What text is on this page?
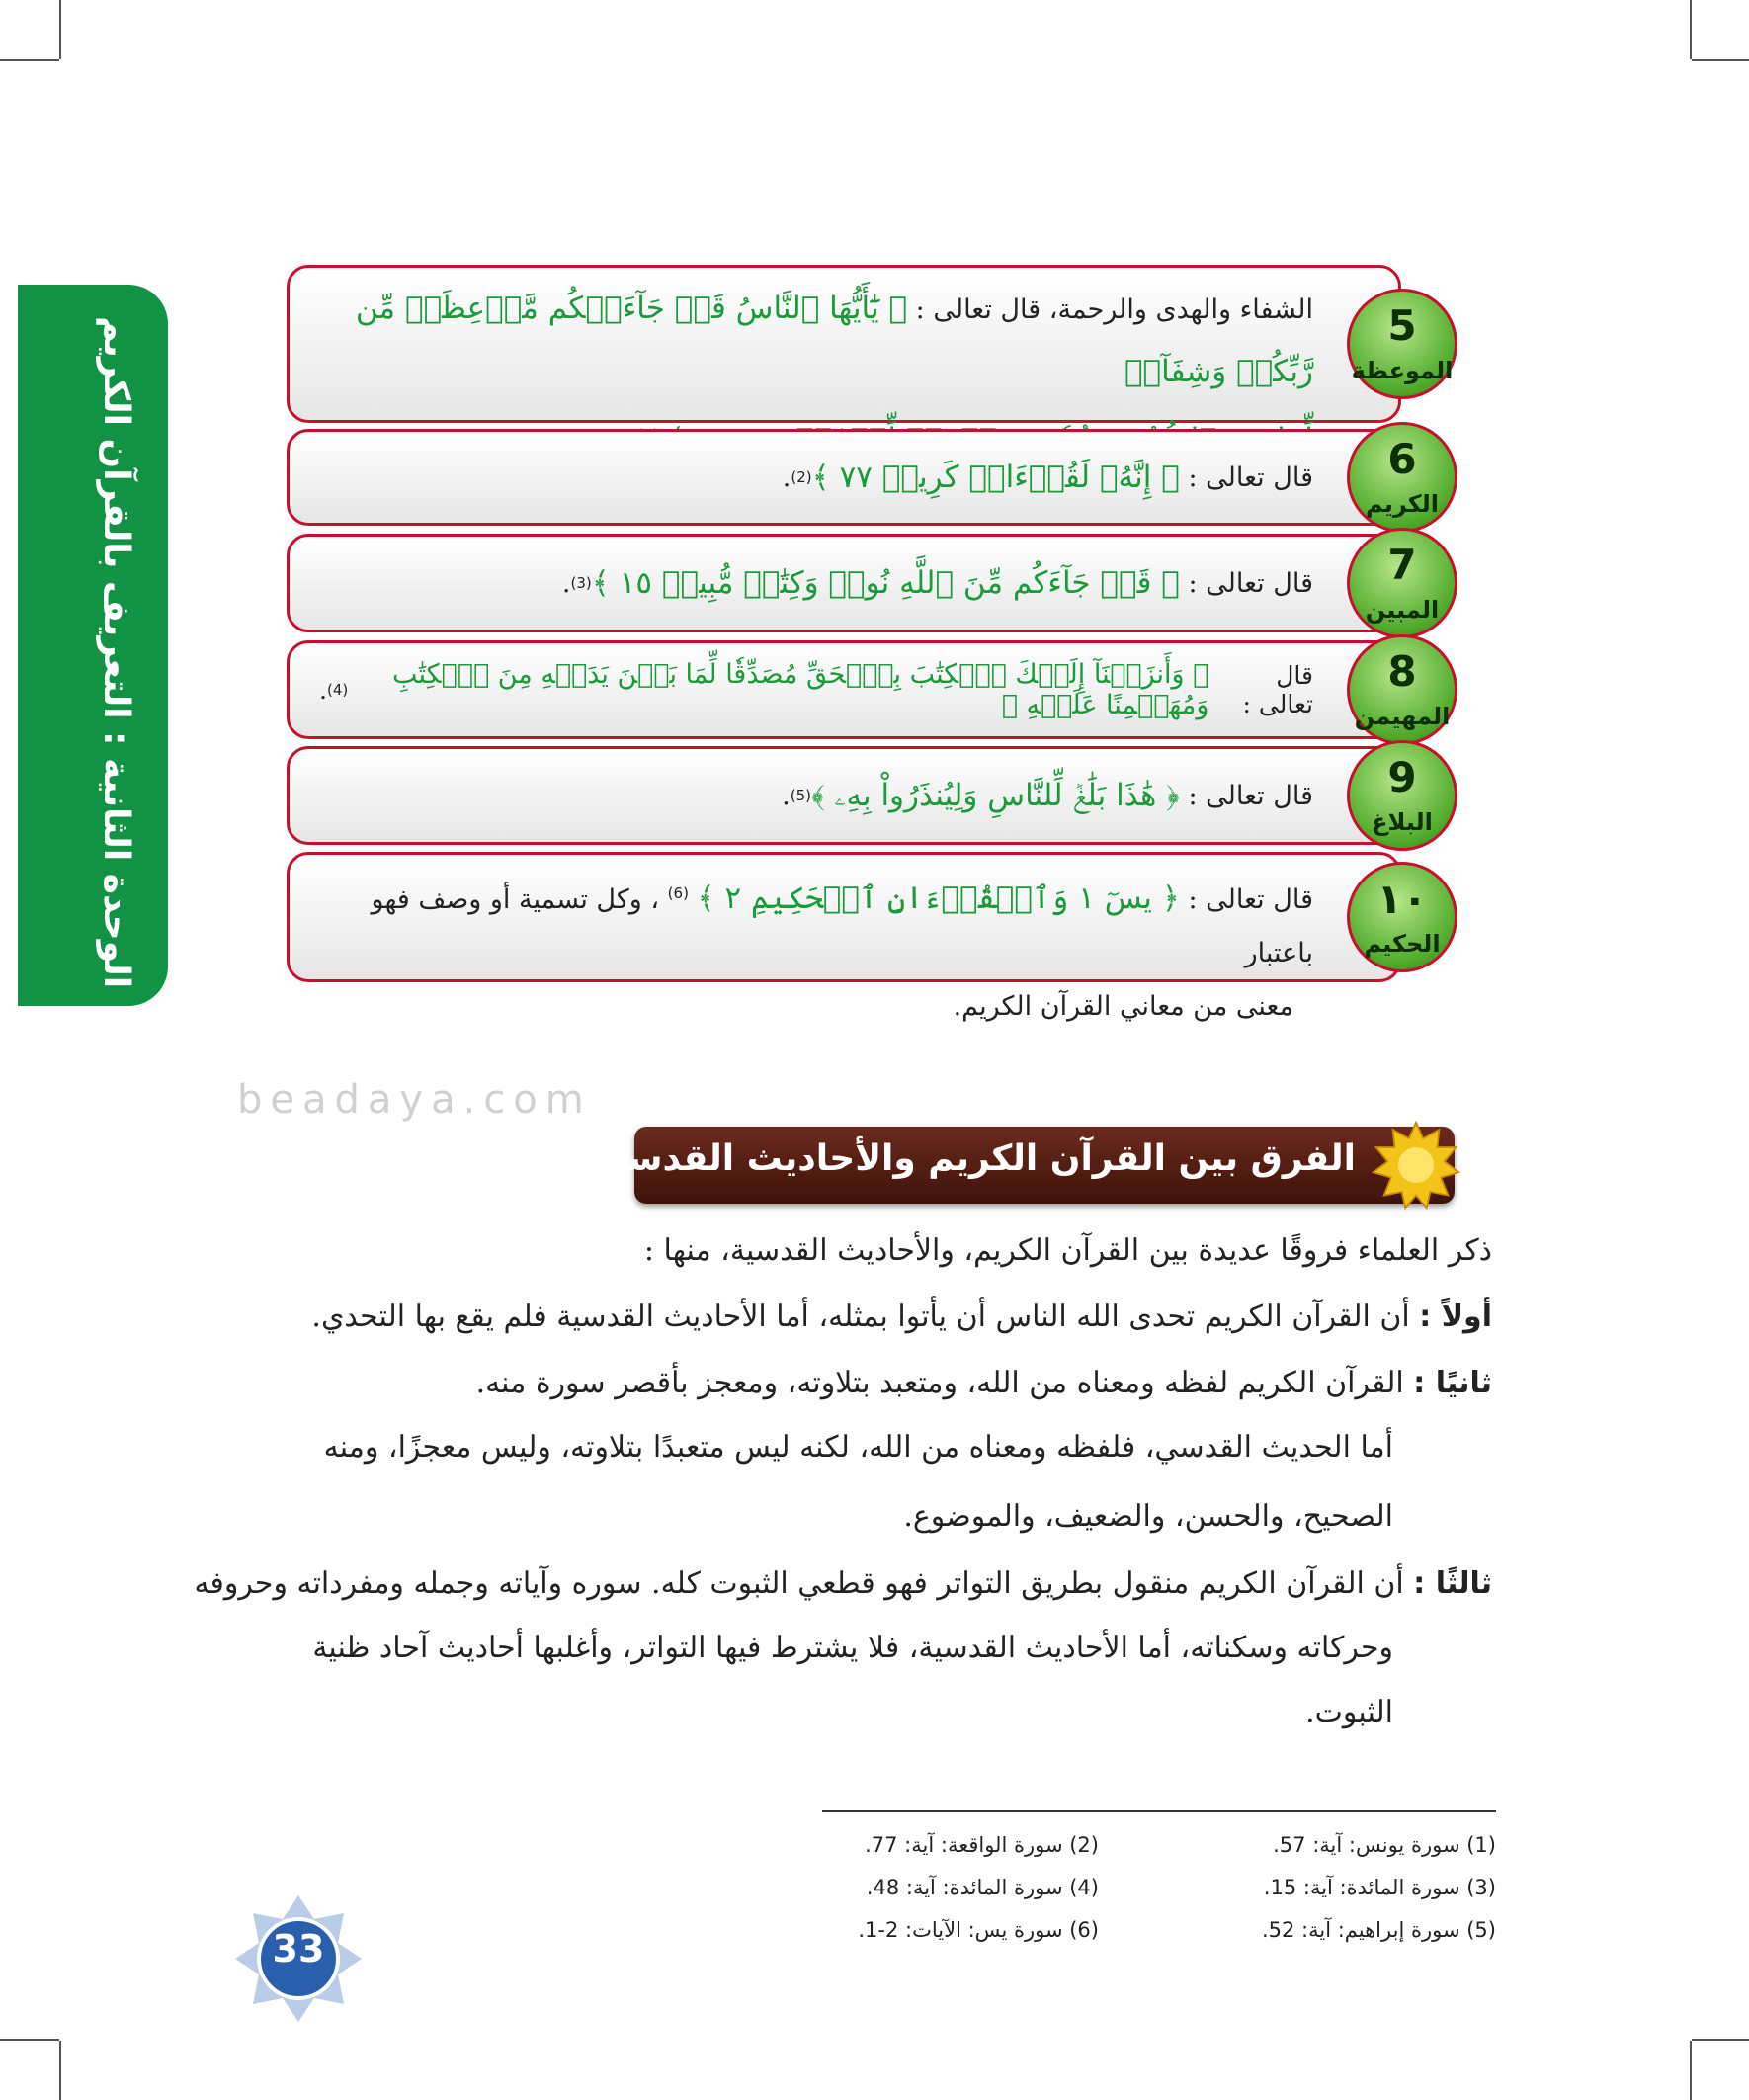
الوحدة الثانية : التعريف بالقرآن الكريم
الشفاء والهدى والرحمة، قال تعالى : ﴿ يَٰٓأَيُّهَا ٱلنَّاسُ قَدۡ جَآءَتۡكُم مَّوۡعِظَةٞ مِّن رَّبِّكُمۡ وَشِفَآءٞ
5
الموعظة
قال تعالى :

﴿ إِنَّهُۥ لَقُرۡءَانٞ كَرِيمٞ ٧٧ ﴾
(2)
.	6
الكريم
قال تعالى :

﴿ قَدۡ جَآءَكُم مِّنَ ٱللَّهِ نُورٞ وَكِتَٰبٞ مُّبِينٞ ١٥ ﴾
(3)
.	7
المبين
قال تعالى :

﴿ وَأَنزَلۡنَآ إِلَيۡكَ ٱلۡكِتَٰبَ بِٱلۡحَقِّ مُصَدِّقٗا لِّمَا بَيۡنَ يَدَيۡهِ مِنَ ٱلۡكِتَٰبِ وَمُهَيۡمِنًا عَلَيۡهِ ﴾
(4)
.	8
المهيمن
قال تعالى :

﴿ هَٰذَا بَلَٰغٞ لِّلنَّاسِ وَلِيُنذَرُواْ بِهِۦ ﴾
(5)
.	9
البلاغ
قال تعالى : ﴿ يسٓ ١ وَٱلۡقُرۡءَانِ ٱلۡحَكِيمِ ٢ ﴾ $^{(6)}$ ، وكل تسمية أو وصف فهو باعتبار
معنى من معاني القرآن الكريم.
١٠
الحكيم
beadaya.com
الفرق بين القرآن الكريم والأحاديث القدسية
ذكر العلماء فروقًا عديدة بين القرآن الكريم، والأحاديث القدسية، منها :
أولاً : أن القرآن الكريم تحدى الله الناس أن يأتوا بمثله، أما الأحاديث القدسية فلم يقع بها التحدي.
ثانيًا : القرآن الكريم لفظه ومعناه من الله، ومتعبد بتلاوته، ومعجز بأقصر سورة منه.
أما الحديث القدسي، فلفظه ومعناه من الله، لكنه ليس متعبدًا بتلاوته، وليس معجزًا، ومنه
الصحيح، والحسن، والضعيف، والموضوع.
ثالثًا : أن القرآن الكريم منقول بطريق التواتر فهو قطعي الثبوت كله. سوره وآياته وجمله ومفرداته وحروفه
وحركاته وسكناته، أما الأحاديث القدسية، فلا يشترط فيها التواتر، وأغلبها أحاديث آحاد ظنية
الثبوت.
(1) سورة يونس: آية: 57.
(2) سورة الواقعة: آية: 77.
(3) سورة المائدة: آية: 15.
(4) سورة المائدة: آية: 48.
(5) سورة إبراهيم: آية: 52.
(6) سورة يس: الآيات: 2-1.
33
